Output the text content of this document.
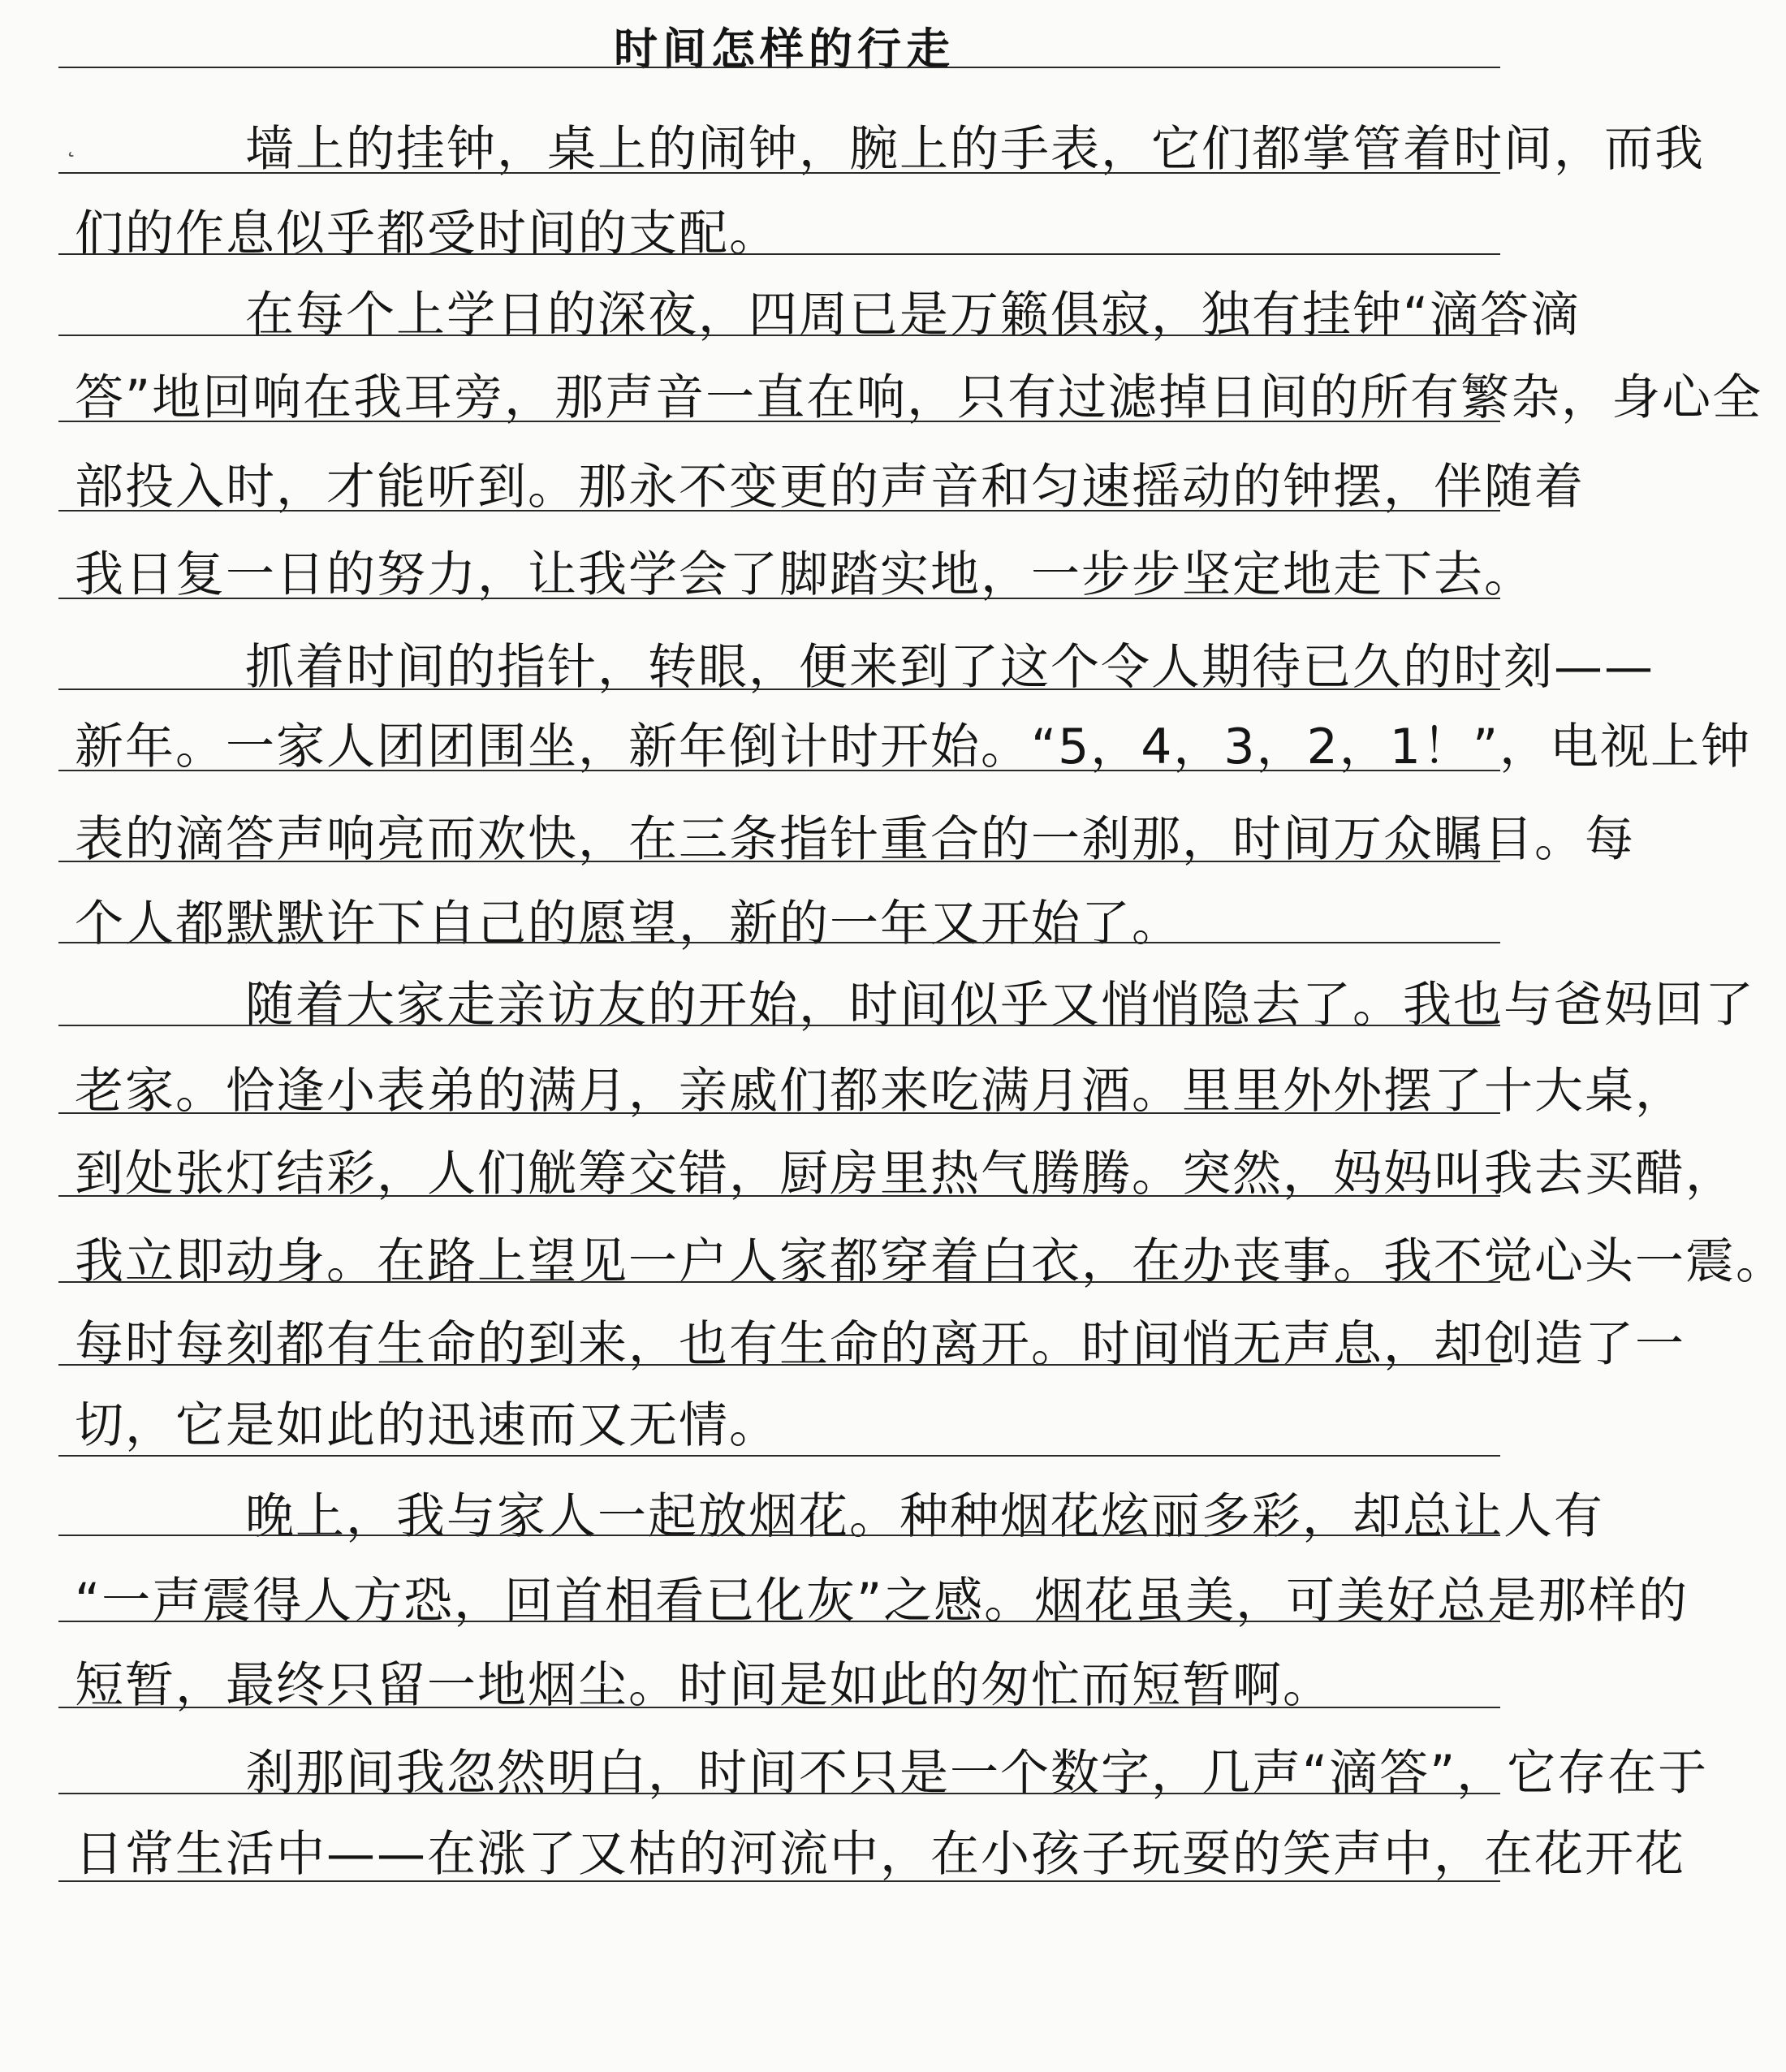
时间怎样的行走
˛	墙上的挂钟，桌上的闹钟，腕上的手表，它们都掌管着时间，而我
们的作息似乎都受时间的支配。
在每个上学日的深夜，四周已是万籁俱寂，独有挂钟“滴答滴
答”地回响在我耳旁，那声音一直在响，只有过滤掉日间的所有繁杂，身心全
部投入时，才能听到。那永不变更的声音和匀速摇动的钟摆，伴随着
我日复一日的努力，让我学会了脚踏实地，一步步坚定地走下去。
抓着时间的指针，转眼，便来到了这个令人期待已久的时刻——
新年。一家人团团围坐，新年倒计时开始。“5，4，3，2，1！”，电视上钟
表的滴答声响亮而欢快，在三条指针重合的一刹那，时间万众瞩目。每
个人都默默许下自己的愿望，新的一年又开始了。
随着大家走亲访友的开始，时间似乎又悄悄隐去了。我也与爸妈回了
老家。恰逢小表弟的满月，亲戚们都来吃满月酒。里里外外摆了十大桌，
到处张灯结彩，人们觥筹交错，厨房里热气腾腾。突然，妈妈叫我去买醋，
我立即动身。在路上望见一户人家都穿着白衣，在办丧事。我不觉心头一震。
每时每刻都有生命的到来，也有生命的离开。时间悄无声息，却创造了一
切，它是如此的迅速而又无情。
晚上，我与家人一起放烟花。种种烟花炫丽多彩，却总让人有
“一声震得人方恐，回首相看已化灰”之感。烟花虽美，可美好总是那样的
短暂，最终只留一地烟尘。时间是如此的匆忙而短暂啊。
刹那间我忽然明白，时间不只是一个数字，几声“滴答”，它存在于
日常生活中——在涨了又枯的河流中，在小孩子玩耍的笑声中，在花开花
